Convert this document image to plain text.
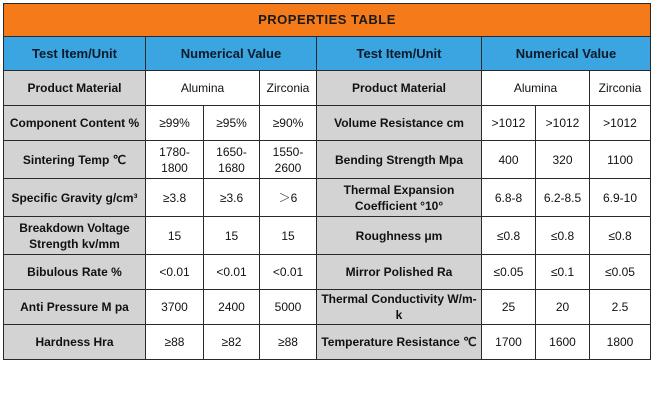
PROPERTIES TABLE							
Test Item/Unit	Numerical Value			Test Item/Unit	Numerical Value		
Product Material	Alumina		Zirconia	Product Material	Alumina		Zirconia
Component Content %	≥99%	≥95%	≥90%	Volume Resistance cm	>1012	>1012	>1012
Sintering Temp ℃	1780-1800	1650-1680	1550-2600	Bending Strength Mpa	400	320	1100
Specific Gravity g/cm³	≥3.8	≥3.6	＞6	Thermal Expansion Coefficient °10°	6.8-8	6.2-8.5	6.9-10
Breakdown Voltage Strength kv/mm	15	15	15	Roughness μm	≤0.8	≤0.8	≤0.8
Bibulous Rate %	<0.01	<0.01	<0.01	Mirror Polished Ra	≤0.05	≤0.1	≤0.05
Anti Pressure M pa	3700	2400	5000	Thermal Conductivity W/m-k	25	20	2.5
Hardness Hra	≥88	≥82	≥88	Temperature Resistance ℃	1700	1600	1800
